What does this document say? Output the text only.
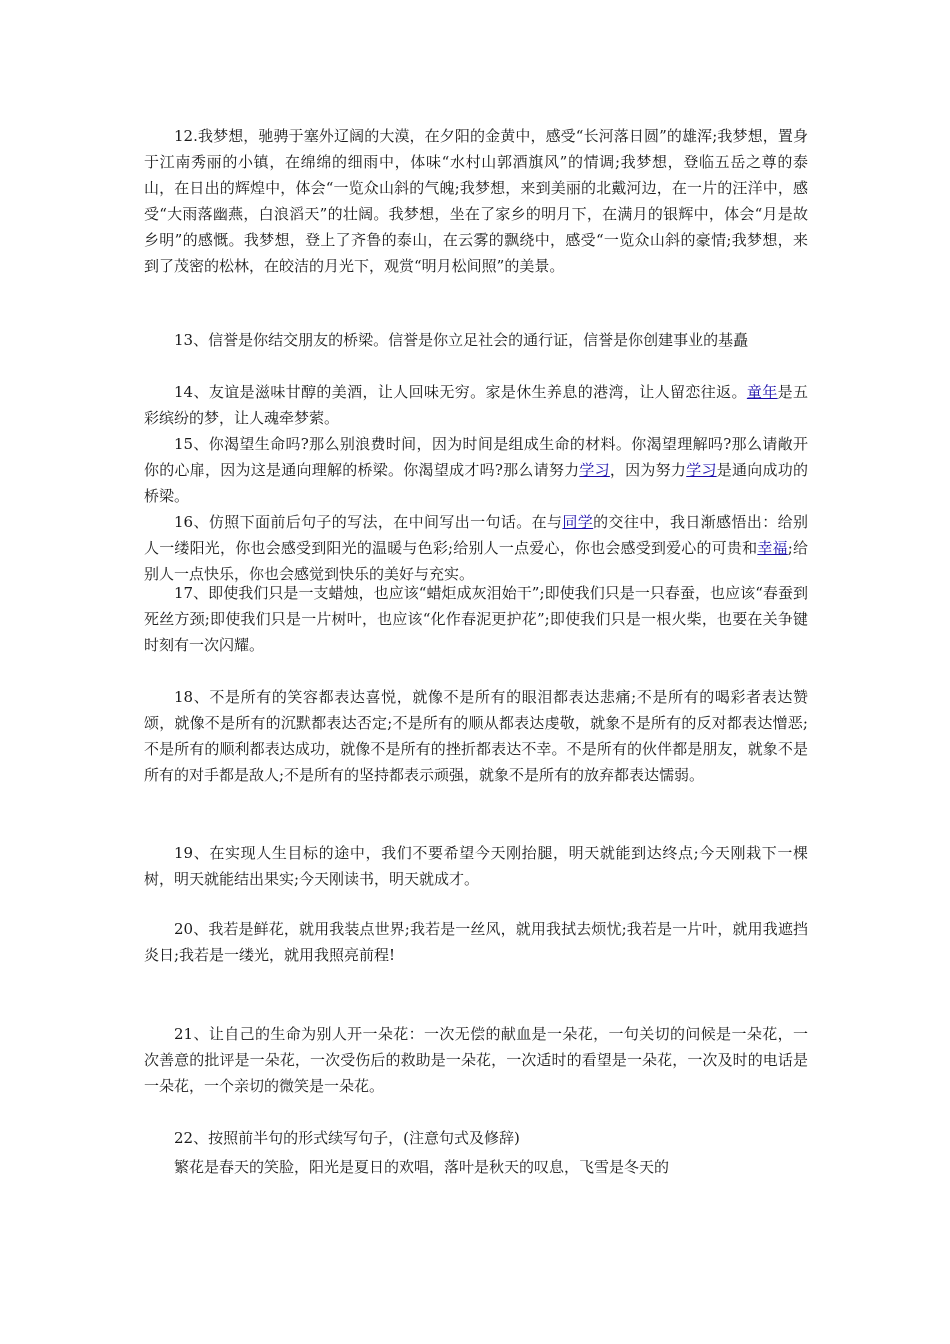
12.我梦想，驰骋于塞外辽阔的大漠，在夕阳的金黄中，感受“长河落日圆”的雄浑;我梦想，置身于江南秀丽的小镇，在绵绵的细雨中，体味“水村山郭酒旗风”的情调;我梦想，登临五岳之尊的泰山，在日出的辉煌中，体会“一览众山斜的气魄;我梦想，来到美丽的北戴河边，在一片的汪洋中，感受“大雨落幽燕，白浪滔天”的壮阔。我梦想，坐在了家乡的明月下，在满月的银辉中，体会“月是故乡明”的感慨。我梦想，登上了齐鲁的泰山，在云雾的飘绕中，感受“一览众山斜的豪情;我梦想，来到了茂密的松林，在皎洁的月光下，观赏“明月松间照”的美景。

13、信誉是你结交朋友的桥梁。信誉是你立足社会的通行证，信誉是你创建事业的基矗

14、友谊是滋味甘醇的美酒，让人回味无穷。家是休生养息的港湾，让人留恋往返。童年是五彩缤纷的梦，让人魂牵梦萦。

15、你渴望生命吗?那么别浪费时间，因为时间是组成生命的材料。你渴望理解吗?那么请敞开你的心扉，因为这是通向理解的桥梁。你渴望成才吗?那么请努力学习，因为努力学习是通向成功的桥梁。

16、仿照下面前后句子的写法，在中间写出一句话。在与同学的交往中，我日渐感悟出：给别人一缕阳光，你也会感受到阳光的温暖与色彩;给别人一点爱心，你也会感受到爱心的可贵和幸福;给别人一点快乐，你也会感觉到快乐的美好与充实。

17、即使我们只是一支蜡烛，也应该“蜡炬成灰泪始干”;即使我们只是一只春蚕，也应该“春蚕到死丝方颈;即使我们只是一片树叶，也应该“化作春泥更护花”;即使我们只是一根火柴，也要在关争键时刻有一次闪耀。

18、不是所有的笑容都表达喜悦，就像不是所有的眼泪都表达悲痛;不是所有的喝彩者表达赞颂，就像不是所有的沉默都表达否定;不是所有的顺从都表达虔敬，就象不是所有的反对都表达憎恶;不是所有的顺利都表达成功，就像不是所有的挫折都表达不幸。不是所有的伙伴都是朋友，就象不是所有的对手都是敌人;不是所有的坚持都表示顽强，就象不是所有的放弃都表达懦弱。

19、在实现人生目标的途中，我们不要希望今天刚抬腿，明天就能到达终点;今天刚栽下一棵树，明天就能结出果实;今天刚读书，明天就成才。

20、我若是鲜花，就用我装点世界;我若是一丝风，就用我拭去烦忧;我若是一片叶，就用我遮挡炎日;我若是一缕光，就用我照亮前程!

21、让自己的生命为别人开一朵花：一次无偿的献血是一朵花，一句关切的问候是一朵花，一次善意的批评是一朵花，一次受伤后的救助是一朵花，一次适时的看望是一朵花，一次及时的电话是一朵花，一个亲切的微笑是一朵花。

22、按照前半句的形式续写句子，(注意句式及修辞)

繁花是春天的笑脸，阳光是夏日的欢唱，落叶是秋天的叹息，飞雪是冬天的
